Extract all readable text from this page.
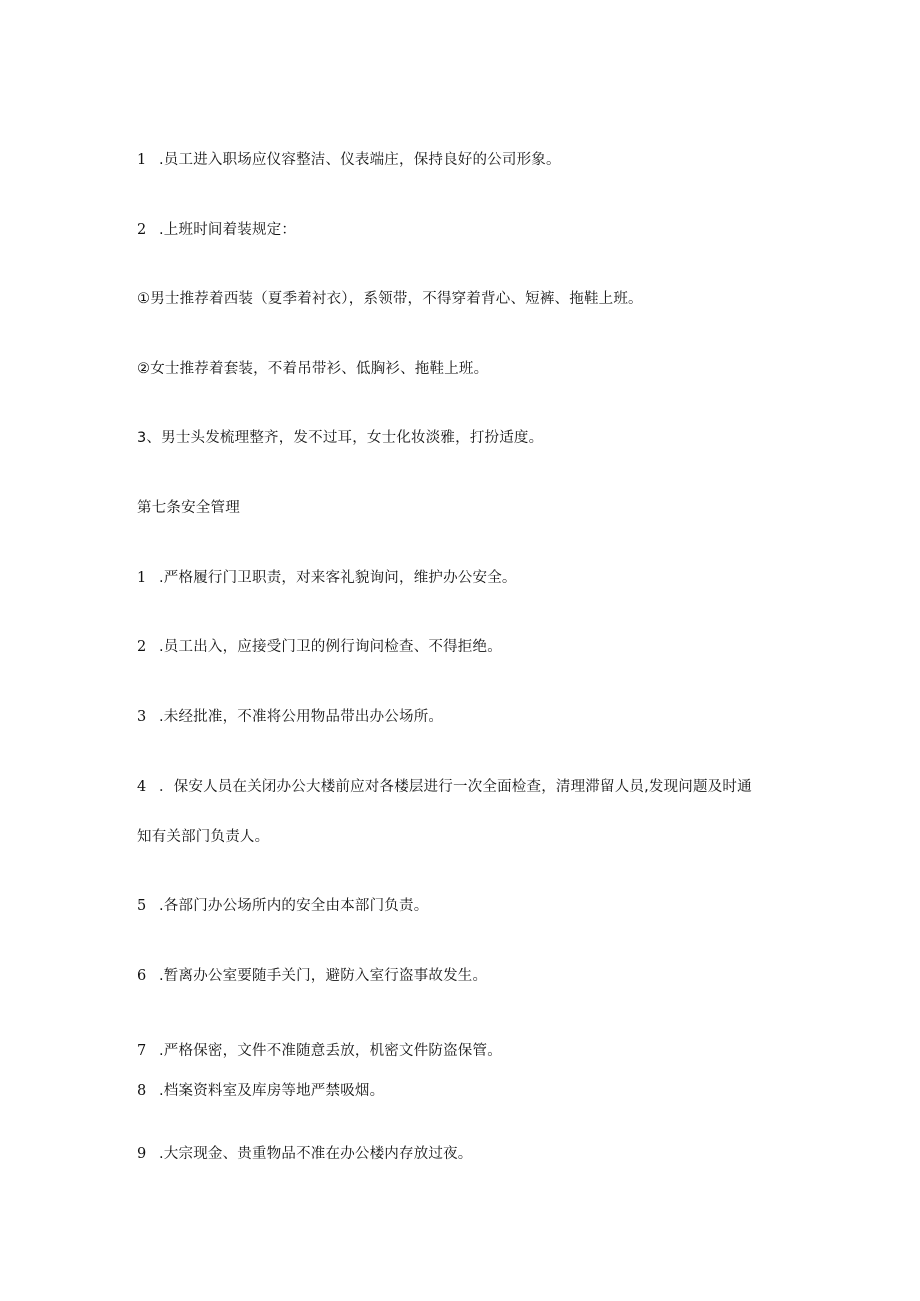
1 .员工进入职场应仪容整洁、仪表端庄，保持良好的公司形象。
2 .上班时间着装规定：
①男士推荐着西装（夏季着衬衣），系领带，不得穿着背心、短裤、拖鞋上班。
②女士推荐着套装，不着吊带衫、低胸衫、拖鞋上班。
3、男士头发梳理整齐，发不过耳，女士化妆淡雅，打扮适度。
第七条安全管理
1 .严格履行门卫职责，对来客礼貌询问，维护办公安全。
2 .员工出入，应接受门卫的例行询问检查、不得拒绝。
3 .未经批准，不准将公用物品带出办公场所。
4 ．保安人员在关闭办公大楼前应对各楼层进行一次全面检查，清理滞留人员,发现问题及时通
知有关部门负责人。
5 .各部门办公场所内的安全由本部门负责。
6 .暂离办公室要随手关门，避防入室行盗事故发生。
7 .严格保密，文件不准随意丢放，机密文件防盗保管。
8 .档案资料室及库房等地严禁吸烟。
9 .大宗现金、贵重物品不准在办公楼内存放过夜。
